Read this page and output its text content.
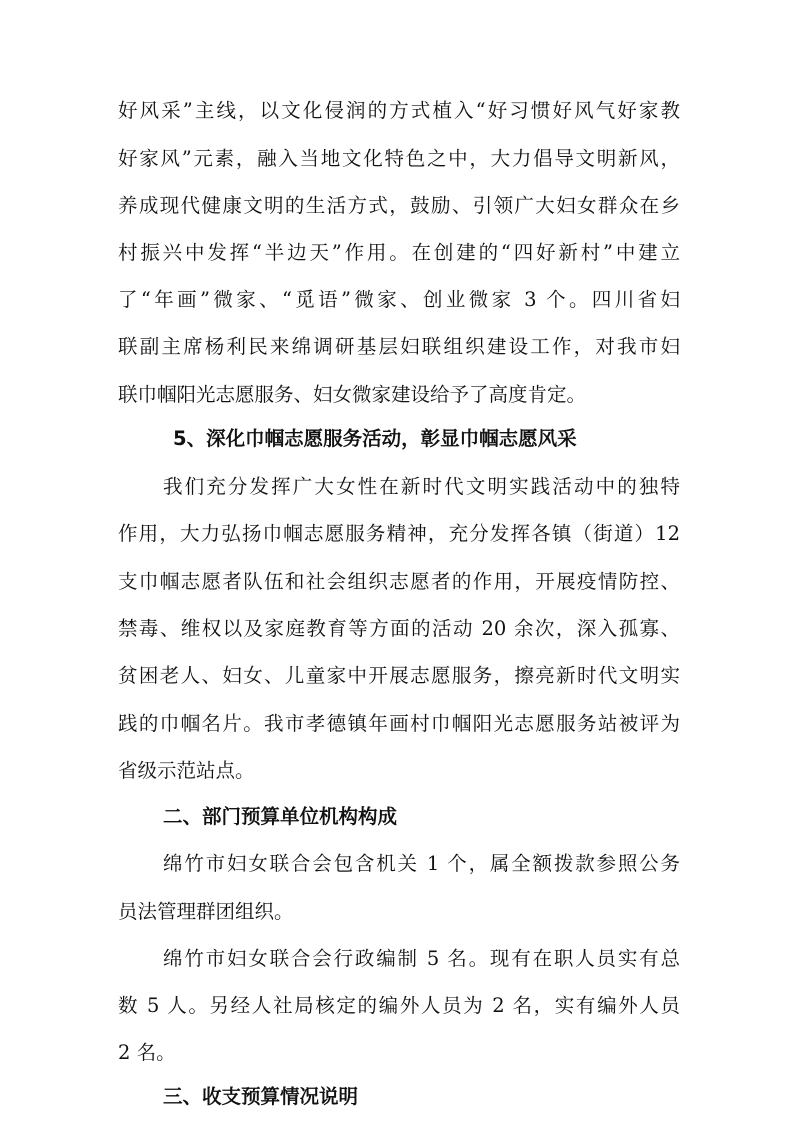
好风采”主线，以文化侵润的方式植入“好习惯好风气好家教
好家风”元素，融入当地文化特色之中，大力倡导文明新风，
养成现代健康文明的生活方式，鼓励、引领广大妇女群众在乡
村振兴中发挥“半边天”作用。在创建的“四好新村”中建立
了“年画”微家、“觅语”微家、创业微家 3 个。四川省妇
联副主席杨利民来绵调研基层妇联组织建设工作，对我市妇
联巾帼阳光志愿服务、妇女微家建设给予了高度肯定。
5、深化巾帼志愿服务活动，彰显巾帼志愿风采
我们充分发挥广大女性在新时代文明实践活动中的独特
作用，大力弘扬巾帼志愿服务精神，充分发挥各镇（街道）12
支巾帼志愿者队伍和社会组织志愿者的作用，开展疫情防控、
禁毒、维权以及家庭教育等方面的活动 20 余次，深入孤寡、
贫困老人、妇女、儿童家中开展志愿服务，擦亮新时代文明实
践的巾帼名片。我市孝德镇年画村巾帼阳光志愿服务站被评为
省级示范站点。
二、部门预算单位机构构成
绵竹市妇女联合会包含机关 1 个，属全额拨款参照公务
员法管理群团组织。
绵竹市妇女联合会行政编制 5 名。现有在职人员实有总
数 5 人。另经人社局核定的编外人员为 2 名，实有编外人员
2 名。
三、收支预算情况说明
